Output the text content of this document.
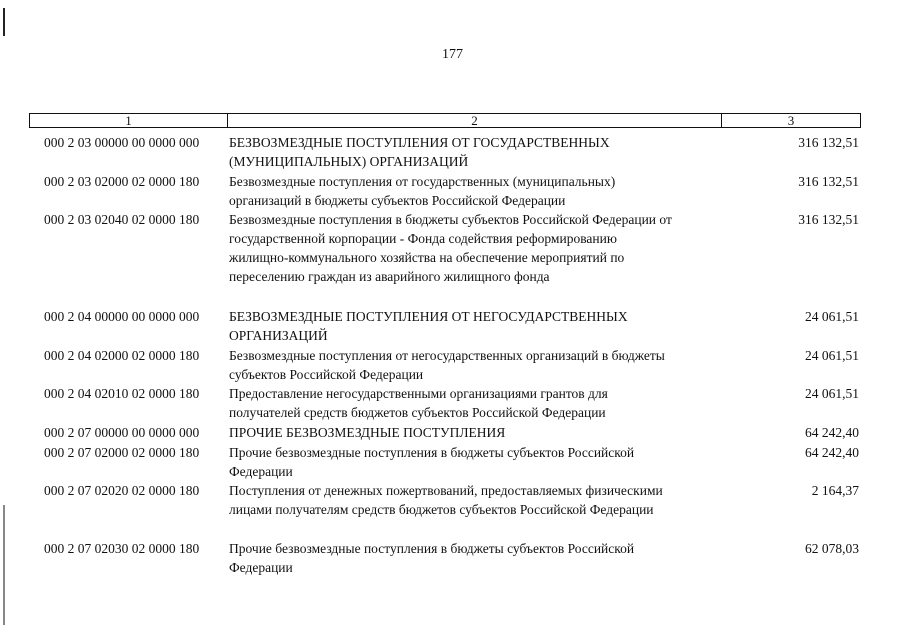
177
1	2	3
000 2 03 00000 00 0000 000 БЕЗВОЗМЕЗДНЫЕ ПОСТУПЛЕНИЯ ОТ ГОСУДАРСТВЕННЫХ
(МУНИЦИПАЛЬНЫХ) ОРГАНИЗАЦИЙ
316 132,51
000 2 03 02000 02 0000 180 Безвозмездные поступления от государственных (муниципальных)
организаций в бюджеты субъектов Российской Федерации
316 132,51
000 2 03 02040 02 0000 180 Безвозмездные поступления в бюджеты субъектов Российской Федерации от
государственной корпорации - Фонда содействия реформированию
жилищно-коммунального хозяйства на обеспечение мероприятий по
переселению граждан из аварийного жилищного фонда
316 132,51
000 2 04 00000 00 0000 000 БЕЗВОЗМЕЗДНЫЕ ПОСТУПЛЕНИЯ ОТ НЕГОСУДАРСТВЕННЫХ
ОРГАНИЗАЦИЙ
24 061,51
000 2 04 02000 02 0000 180 Безвозмездные поступления от негосударственных организаций в бюджеты
субъектов Российской Федерации
24 061,51
000 2 04 02010 02 0000 180 Предоставление негосударственными организациями грантов для
получателей средств бюджетов субъектов Российской Федерации
24 061,51
000 2 07 00000 00 0000 000 ПРОЧИЕ БЕЗВОЗМЕЗДНЫЕ ПОСТУПЛЕНИЯ	64 242,40
000 2 07 02000 02 0000 180 Прочие безвозмездные поступления в бюджеты субъектов Российской
Федерации
64 242,40
000 2 07 02020 02 0000 180 Поступления от денежных пожертвований, предоставляемых физическими
лицами получателям средств бюджетов субъектов Российской Федерации
2 164,37
000 2 07 02030 02 0000 180 Прочие безвозмездные поступления в бюджеты субъектов Российской
Федерации
62 078,03
